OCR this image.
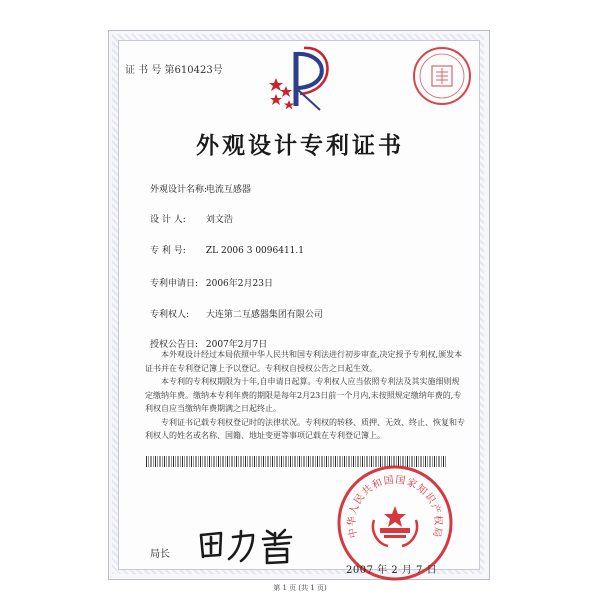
证 书 号 第610423号
外观设计专利证书
外观设计名称: 电流互感器
设 计 人: 刘文浩
专 利 号: ZL 2006 3 0096411.1
专利申请日: 2006年2月23日
专利权人: 大连第二互感器集团有限公司
授权公告日: 2007年2月7日

本外观设计经过本局依照中华人民共和国专利法进行初步审查,决定授予专利权,颁发本证书并在专利登记簿上予以登记。专利权自授权公告之日起生效。

本专利的专利权期限为十年,自申请日起算。专利权人应当依照专利法及其实施细则规定缴纳年费。缴纳本专利年费的期限是每年2月23日前一个月内,未按照规定缴纳年费的,专利权自应当缴纳年费期满之日起终止。

专利证书记载专利权登记时的法律状况。专利权的转移、质押、无效、终止、恢复和专利权人的姓名或名称、国籍、地址变更等事项记载在专利登记簿上。

局长
中华人民共和国国家知识产权局
2007 年 2 月 7 日
第 1 页 (共 1 页)
